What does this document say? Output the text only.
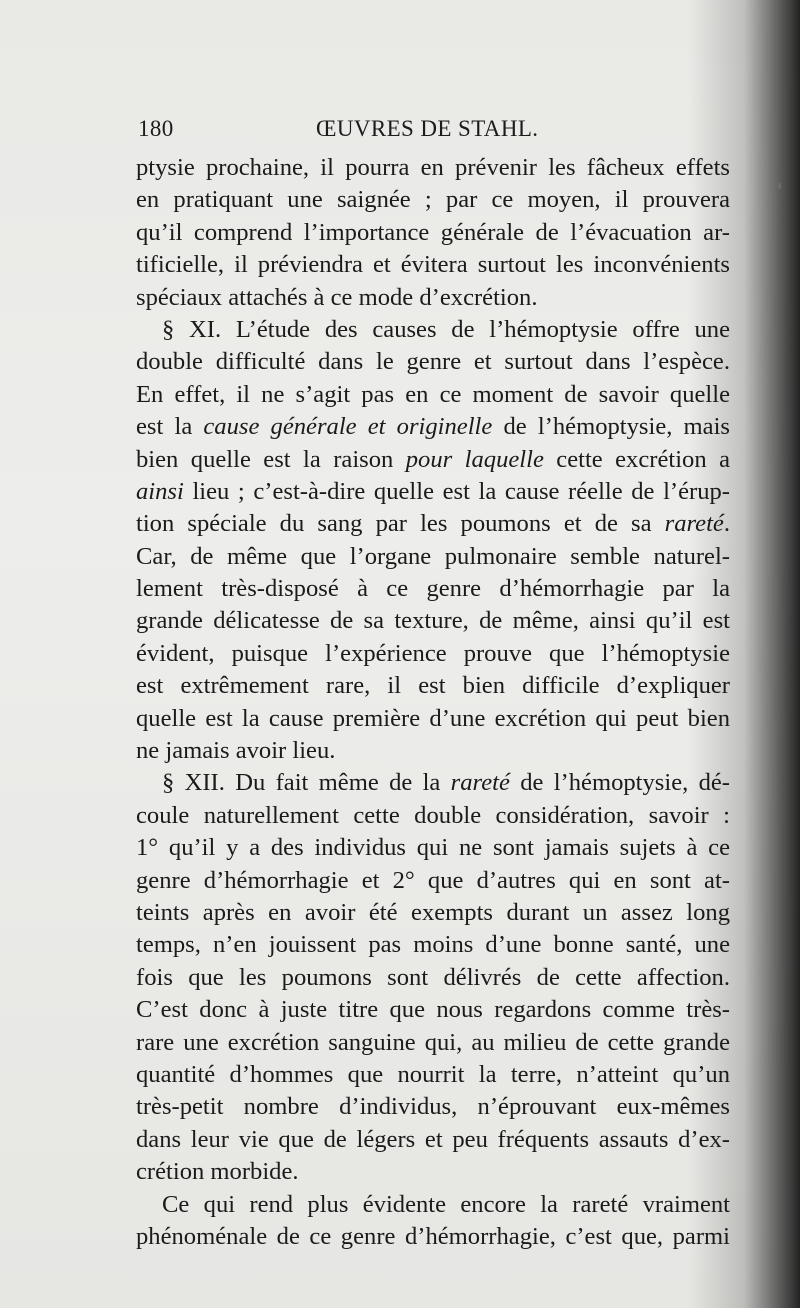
180	ŒUVRES DE STAHL.
ptysie prochaine, il pourra en prévenir les fâcheux effets
en pratiquant une saignée ; par ce moyen, il prouvera
qu’il comprend l’importance générale de l’évacuation ar-
tificielle, il préviendra et évitera surtout les inconvénients
spéciaux attachés à ce mode d’excrétion.
§ XI. L’étude des causes de l’hémoptysie offre une
double difficulté dans le genre et surtout dans l’espèce.
En effet, il ne s’agit pas en ce moment de savoir quelle
est la cause générale et originelle de l’hémoptysie, mais
bien quelle est la raison pour laquelle cette excrétion a
ainsi lieu ; c’est-à-dire quelle est la cause réelle de l’érup-
tion spéciale du sang par les poumons et de sa rareté.
Car, de même que l’organe pulmonaire semble naturel-
lement très-disposé à ce genre d’hémorrhagie par la
grande délicatesse de sa texture, de même, ainsi qu’il est
évident, puisque l’expérience prouve que l’hémoptysie
est extrêmement rare, il est bien difficile d’expliquer
quelle est la cause première d’une excrétion qui peut bien
ne jamais avoir lieu.
§ XII. Du fait même de la rareté de l’hémoptysie, dé-
coule naturellement cette double considération, savoir :
1° qu’il y a des individus qui ne sont jamais sujets à ce
genre d’hémorrhagie et 2° que d’autres qui en sont at-
teints après en avoir été exempts durant un assez long
temps, n’en jouissent pas moins d’une bonne santé, une
fois que les poumons sont délivrés de cette affection.
C’est donc à juste titre que nous regardons comme très-
rare une excrétion sanguine qui, au milieu de cette grande
quantité d’hommes que nourrit la terre, n’atteint qu’un
très-petit nombre d’individus, n’éprouvant eux-mêmes
dans leur vie que de légers et peu fréquents assauts d’ex-
crétion morbide.
Ce qui rend plus évidente encore la rareté vraiment
phénoménale de ce genre d’hémorrhagie, c’est que, parmi
